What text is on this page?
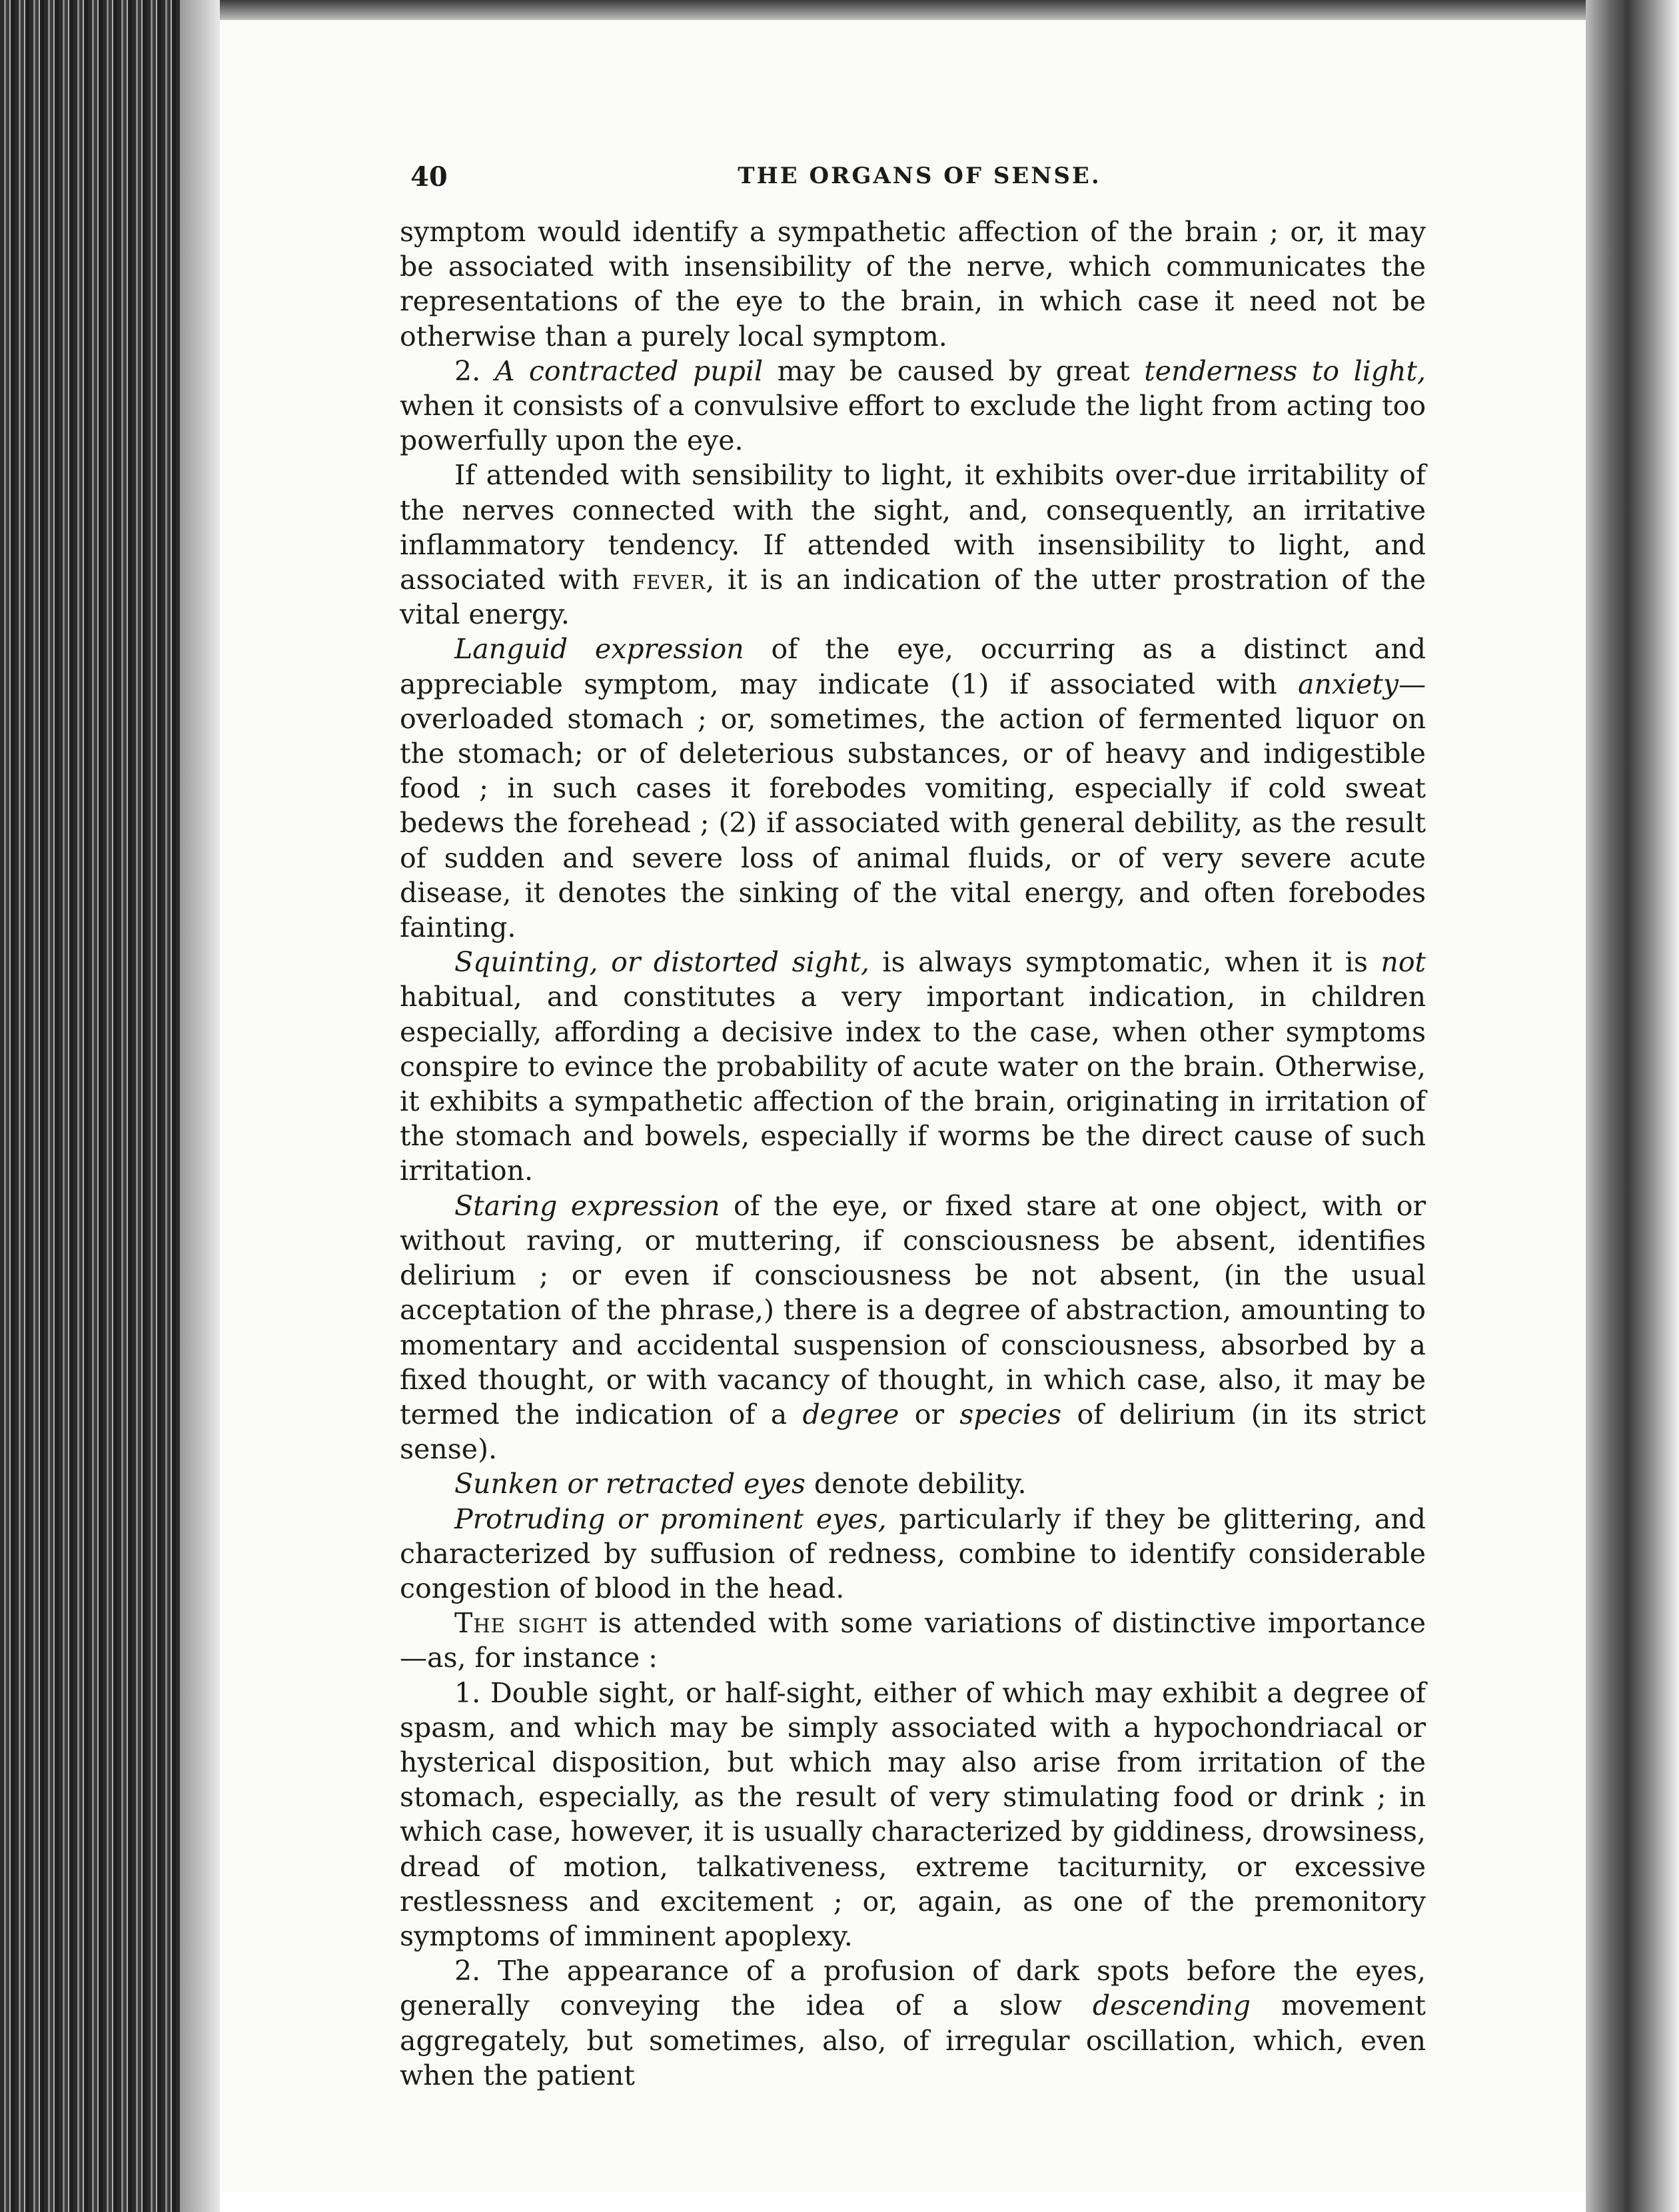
40	THE ORGANS OF SENSE.

symptom would identify a sympathetic affection of the brain ; or, it may be associated with insensibility of the nerve, which communicates the representations of the eye to the brain, in which case it need not be otherwise than a purely local symptom.

2. A contracted pupil may be caused by great tenderness to light, when it consists of a convulsive effort to exclude the light from acting too powerfully upon the eye.

If attended with sensibility to light, it exhibits over-due irritability of the nerves connected with the sight, and, consequently, an irritative inflammatory tendency. If attended with insensibility to light, and associated with fever, it is an indication of the utter prostration of the vital energy.

Languid expression of the eye, occurring as a distinct and appreciable symptom, may indicate (1) if associated with anxiety—overloaded stomach ; or, sometimes, the action of fermented liquor on the stomach; or of deleterious substances, or of heavy and indigestible food ; in such cases it forebodes vomiting, especially if cold sweat bedews the forehead ; (2) if associated with general debility, as the result of sudden and severe loss of animal fluids, or of very severe acute disease, it denotes the sinking of the vital energy, and often forebodes fainting.

Squinting, or distorted sight, is always symptomatic, when it is not habitual, and constitutes a very important indication, in children especially, affording a decisive index to the case, when other symptoms conspire to evince the probability of acute water on the brain. Otherwise, it exhibits a sympathetic affection of the brain, originating in irritation of the stomach and bowels, especially if worms be the direct cause of such irritation.

Staring expression of the eye, or fixed stare at one object, with or without raving, or muttering, if consciousness be absent, identifies delirium ; or even if consciousness be not absent, (in the usual acceptation of the phrase,) there is a degree of abstraction, amounting to momentary and accidental suspension of consciousness, absorbed by a fixed thought, or with vacancy of thought, in which case, also, it may be termed the indication of a degree or species of delirium (in its strict sense).

Sunken or retracted eyes denote debility.

Protruding or prominent eyes, particularly if they be glittering, and characterized by suffusion of redness, combine to identify considerable congestion of blood in the head.

The sight is attended with some variations of distinctive importance—as, for instance :

1. Double sight, or half-sight, either of which may exhibit a degree of spasm, and which may be simply associated with a hypochondriacal or hysterical disposition, but which may also arise from irritation of the stomach, especially, as the result of very stimulating food or drink ; in which case, however, it is usually characterized by giddiness, drowsiness, dread of motion, talkativeness, extreme taciturnity, or excessive restlessness and excitement ; or, again, as one of the premonitory symptoms of imminent apoplexy.

2. The appearance of a profusion of dark spots before the eyes, generally conveying the idea of a slow descending movement aggregately, but sometimes, also, of irregular oscillation, which, even when the patient
